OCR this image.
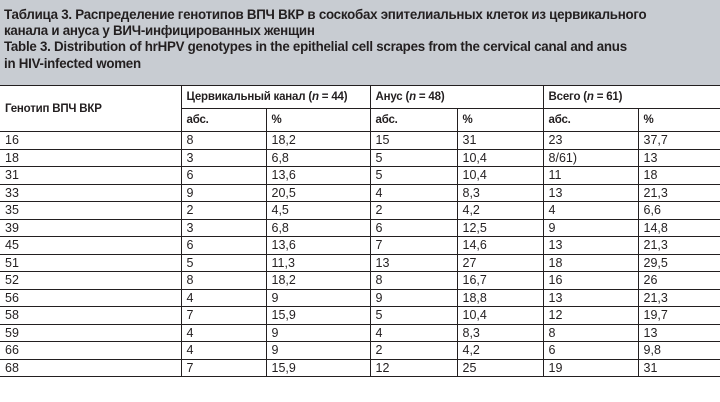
Таблица 3. Распределение генотипов ВПЧ ВКР в соскобах эпителиальных клеток из цервикального
канала и ануса у ВИЧ-инфицированных женщин
Table 3. Distribution of hrHPV genotypes in the epithelial cell scrapes from the cervical canal and anus
in HIV-infected women
Генотип ВПЧ ВКР	Цервикальный канал (n = 44)		Анус (n = 48)		Всего (n = 61)	
	абс.	%	абс.	%	абс.	%
16	8	18,2	15	31	23	37,7
18	3	6,8	5	10,4	8/61)	13
31	6	13,6	5	10,4	11	18
33	9	20,5	4	8,3	13	21,3
35	2	4,5	2	4,2	4	6,6
39	3	6,8	6	12,5	9	14,8
45	6	13,6	7	14,6	13	21,3
51	5	11,3	13	27	18	29,5
52	8	18,2	8	16,7	16	26
56	4	9	9	18,8	13	21,3
58	7	15,9	5	10,4	12	19,7
59	4	9	4	8,3	8	13
66	4	9	2	4,2	6	9,8
68	7	15,9	12	25	19	31
